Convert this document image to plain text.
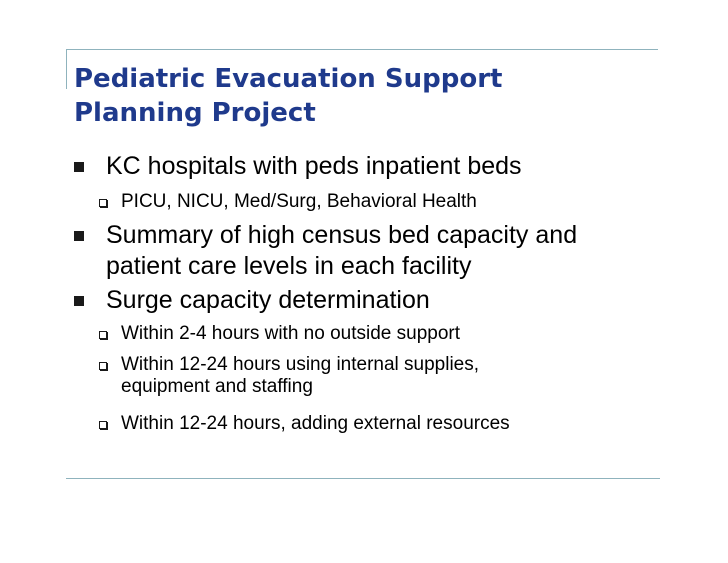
Pediatric Evacuation Support
Planning Project
KC hospitals with peds inpatient beds
PICU, NICU, Med/Surg, Behavioral Health
Summary of high census bed capacity and
patient care levels in each facility
Surge capacity determination
Within 2-4 hours with no outside support
Within 12-24 hours using internal supplies,
equipment and staffing
Within 12-24 hours, adding external resources
